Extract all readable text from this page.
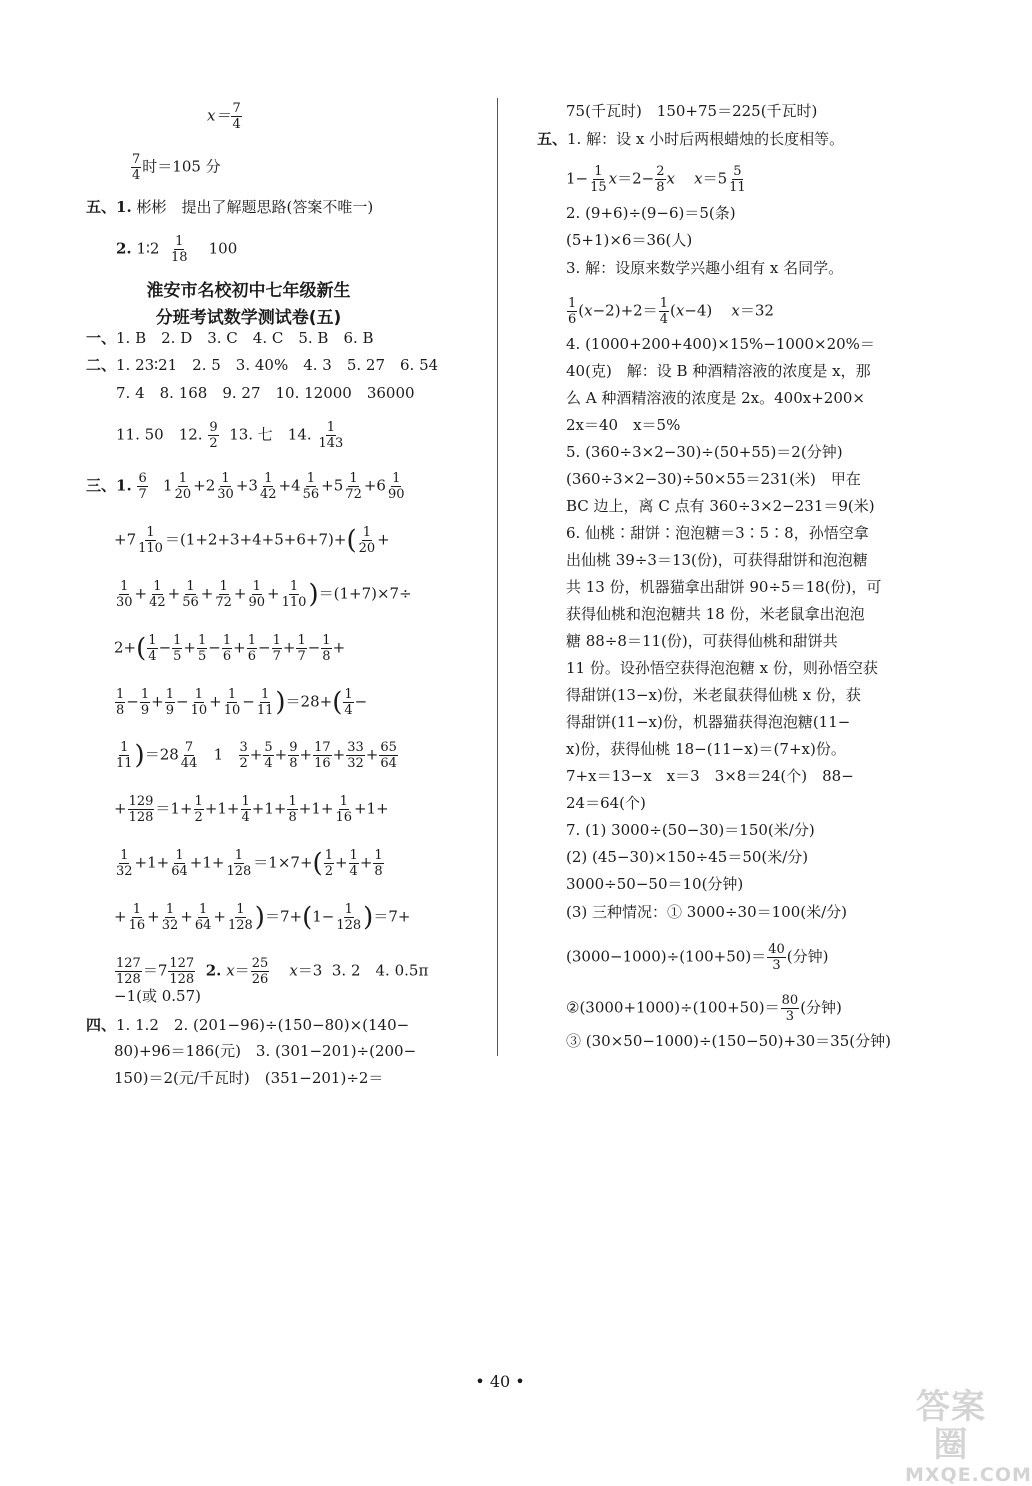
$x= \frac{7}{4}$
$\frac{7}{4}$ 时＝105 分
五、1. 彬彬　提出了解题思路(答案不唯一)
2. 1∶2 $\frac{1}{18} 100$
淮安市名校初中七年级新生
分班考试数学测试卷(五)
一、1. B　2. D　3. C　4. C　5. B　6. B
二、1. 23∶21　2. 5　3. 40%　4. 3　5. 27　6. 54
7. 4　8. 168　9. 27　10. 12000　36000
11. 50　12. $\frac{9}{2} 13$. 七　14. $\frac{1}{143}$
三、1. $\frac{6}{7} 1 \frac{1}{20} +2 \frac{1}{30} +3 \frac{1}{42} +4 \frac{1}{56} +5 \frac{1}{72} +6 \frac{1}{90}$
$+7 \frac{1}{110} =(1+2+3+4+5+6+7)+( \frac{1}{20}$ +
$\frac{1}{30} + \frac{1}{42} + \frac{1}{56} + \frac{1}{72} + \frac{1}{90} + \frac{1}{110} )=(1+7)\times 7\div$
$2+( \frac{1}{4} - \frac{1}{5} + \frac{1}{5} - \frac{1}{6} + \frac{1}{6} - \frac{1}{7} + \frac{1}{7} - \frac{1}{8}$ +
$\frac{1}{8} - \frac{1}{9} + \frac{1}{9} - \frac{1}{10} + \frac{1}{10} - \frac{1}{11} )=28+( \frac{1}{4}$ −
$\frac{1}{11} )=28 \frac{7}{44} 1 \frac{3}{2} + \frac{5}{4} + \frac{9}{8} + \frac{17}{16} + \frac{33}{32} + \frac{65}{64}$
+ $\frac{129}{128} =1+ \frac{1}{2} +1+ \frac{1}{4} +1+ \frac{1}{8} +1+ \frac{1}{16} +1+$
$\frac{1}{32} +1+ \frac{1}{64} +1+ \frac{1}{128} =1\times 7+( \frac{1}{2} + \frac{1}{4} + \frac{1}{8}$
+ $\frac{1}{16} + \frac{1}{32} + \frac{1}{64} + \frac{1}{128} )=7+(1- \frac{1}{128} )=7+$
$\frac{127}{128} =7 \frac{127}{128} 2$. $x= \frac{25}{26} x=3$  3. 2　4. 0.5π
−1(或 0.57)
四、1. 1.2　2. (201−96)÷(150−80)×(140−
80)+96＝186(元)　3. (301−201)÷(200−
150)＝2(元/千瓦时)　(351−201)÷2＝
75(千瓦时)　150+75＝225(千瓦时)
五、1. 解：设 x 小时后两根蜡烛的长度相等。
$1- \frac{1}{15} x=2- \frac{2}{8}$ x $x=5 \frac{5}{11}$
2. (9+6)÷(9−6)＝5(条)
(5+1)×6＝36(人)
3. 解：设原来数学兴趣小组有 x 名同学。
$\frac{1}{6} (x-2)+2= \frac{1}{4} (x-4)$    x＝32
4. (1000+200+400)×15%−1000×20%＝
40(克)　解：设 B 种酒精溶液的浓度是 x，那
么 A 种酒精溶液的浓度是 2x。400x+200×
2x＝40　x＝5%
5. (360÷3×2−30)÷(50+55)＝2(分钟)
(360÷3×2−30)÷50×55＝231(米)　甲在
BC 边上，离 C 点有 360÷3×2−231＝9(米)
6. 仙桃∶甜饼∶泡泡糖＝3∶5∶8，孙悟空拿
出仙桃 39÷3＝13(份)，可获得甜饼和泡泡糖
共 13 份，机器猫拿出甜饼 90÷5＝18(份)，可
获得仙桃和泡泡糖共 18 份，米老鼠拿出泡泡
糖 88÷8＝11(份)，可获得仙桃和甜饼共
11 份。设孙悟空获得泡泡糖 x 份，则孙悟空获
得甜饼(13−x)份，米老鼠获得仙桃 x 份，获
得甜饼(11−x)份，机器猫获得泡泡糖(11−
x)份，获得仙桃 18−(11−x)＝(7+x)份。
7+x＝13−x　x＝3　3×8＝24(个)　88−
24＝64(个)
7. (1) 3000÷(50−30)＝150(米/分)
(2) (45−30)×150÷45＝50(米/分)
3000÷50−50＝10(分钟)
(3) 三种情况：① 3000÷30＝100(米/分)
$(3000-1000)\div(100+50)= \frac{40}{3}$ (分钟)
②(3000+1000)÷(100+50)＝ $\frac{80}{3}$ (分钟)
③ (30×50−1000)÷(150−50)+30＝35(分钟)
• 40 •
答案圈
MXQE.COM
